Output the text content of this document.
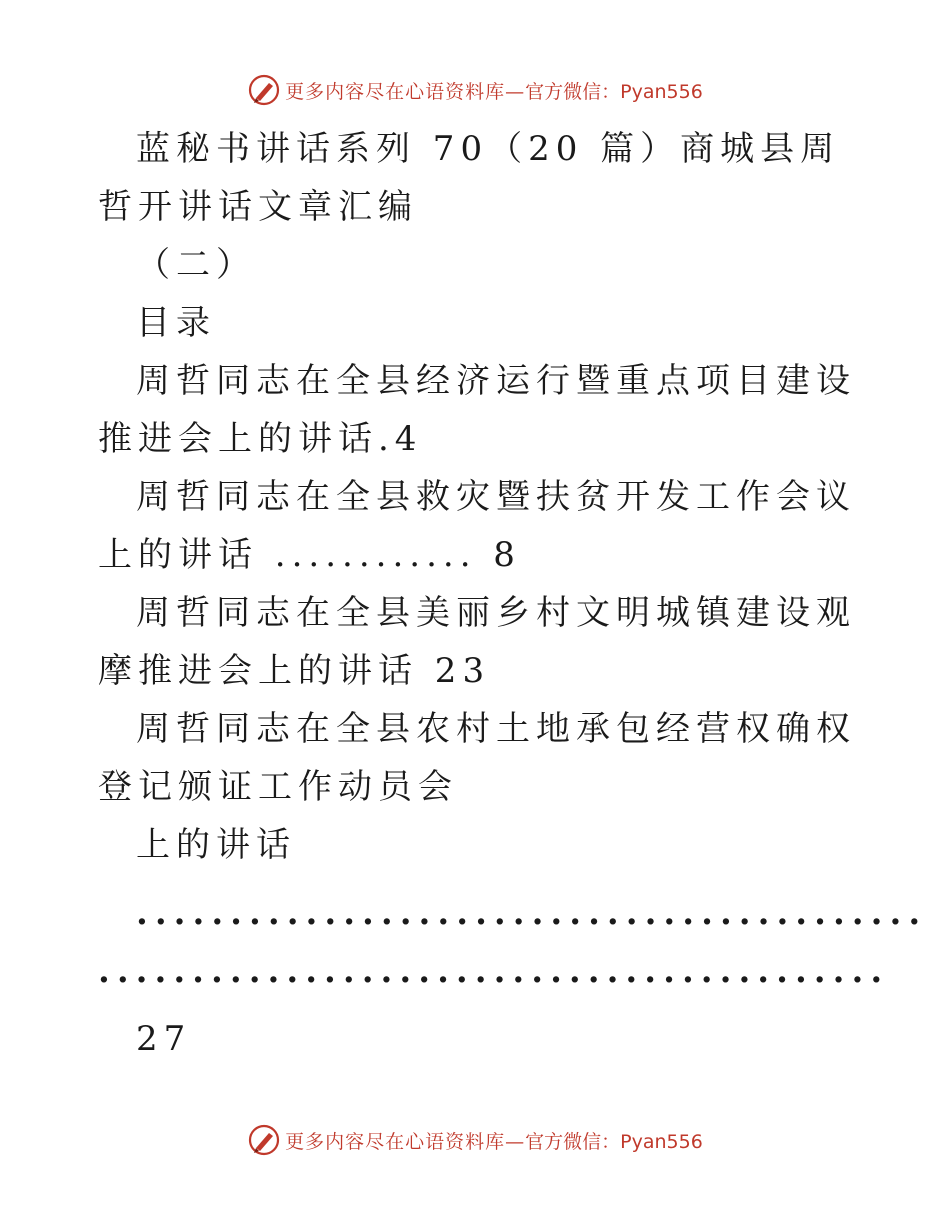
更多内容尽在心语资料库— 官方微信：Pyan556

蓝秘书讲话系列 70（20 篇）商城县周哲开讲话文章汇编

（二）

目录

周哲同志在全县经济运行暨重点项目建设推进会上的讲话.4

周哲同志在全县救灾暨扶贫开发工作会议上的讲话 ............ 8

周哲同志在全县美丽乡村文明城镇建设观摩推进会上的讲话 23

周哲同志在全县农村土地承包经营权确权登记颁证工作动员会

上的讲话

..........................................

..........................................

27

更多内容尽在心语资料库— 官方微信：Pyan556
